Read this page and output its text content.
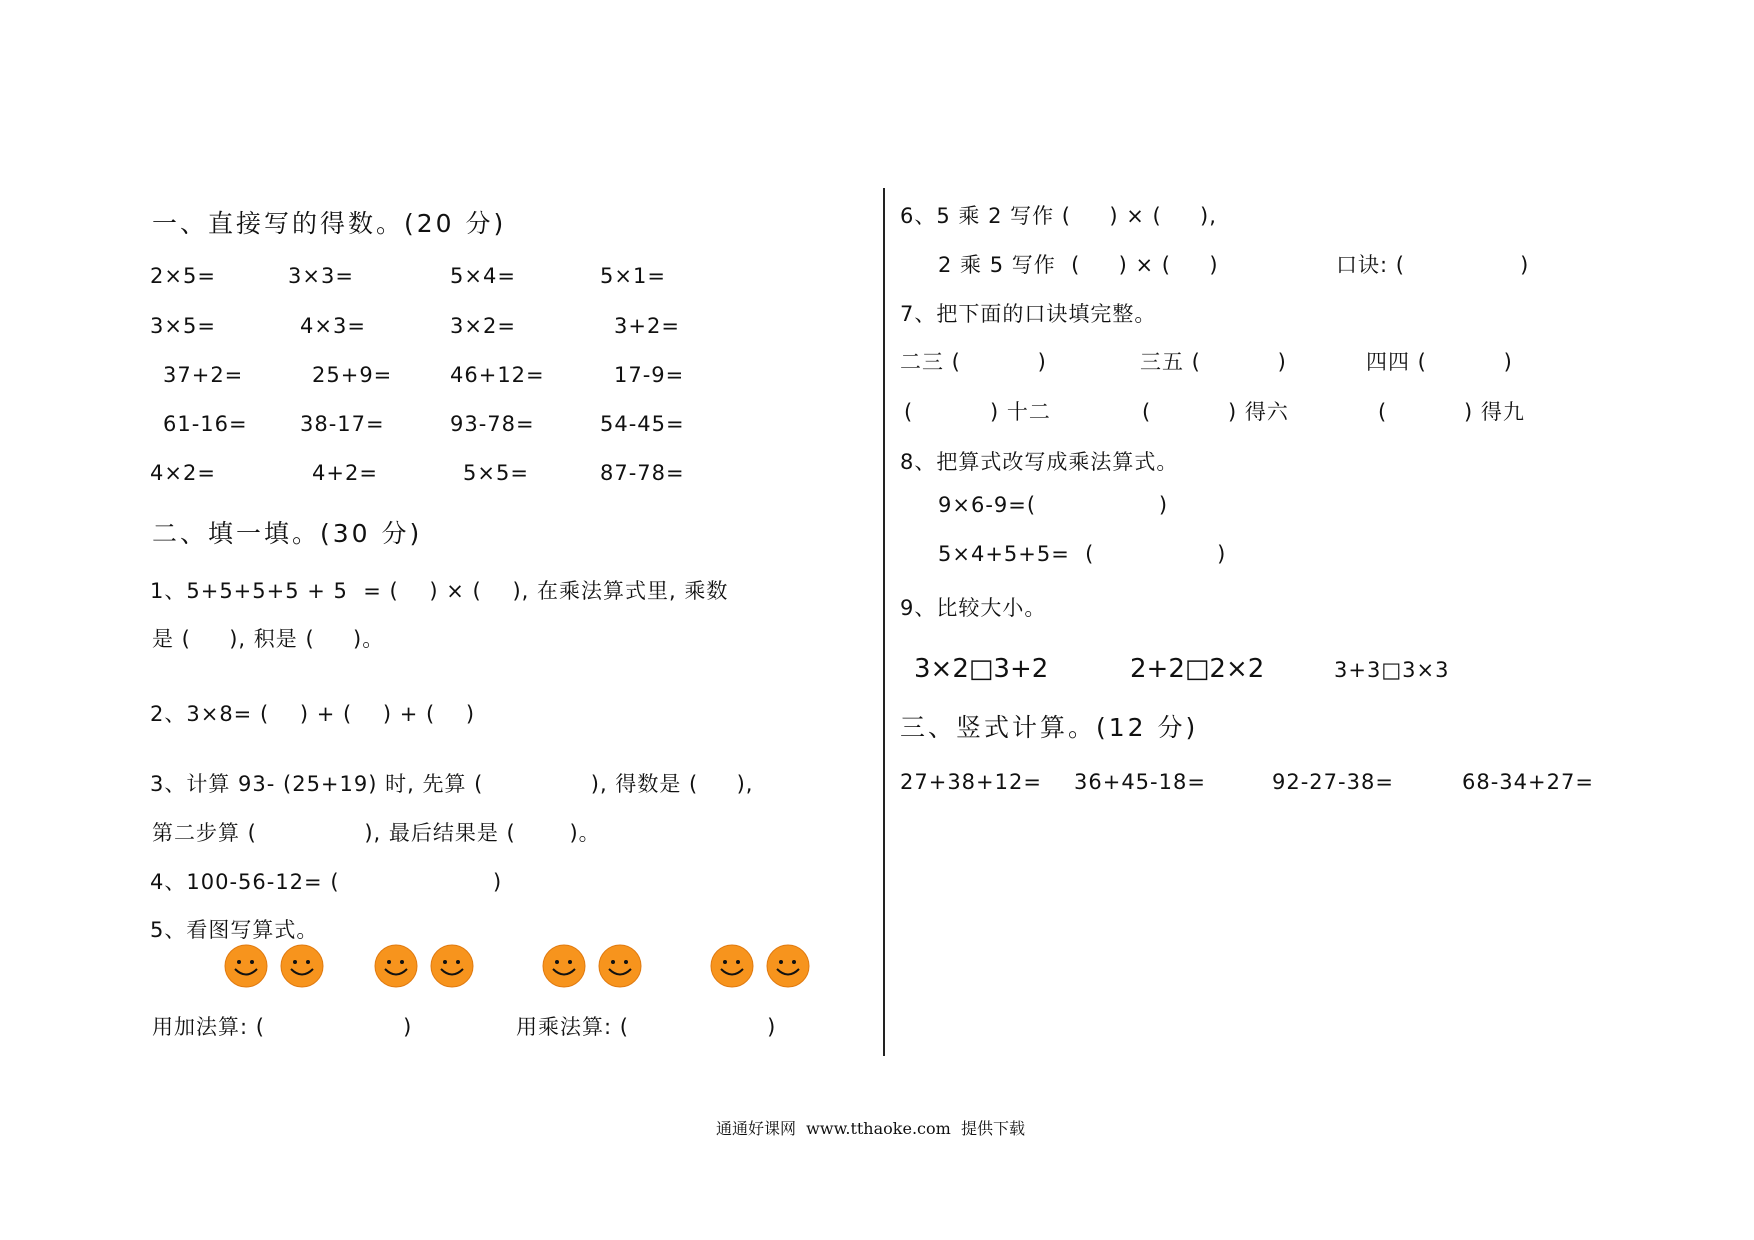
一、直接写的得数。(20 分)
2×5=	3×3=	5×4=	5×1=
3×5=	4×3=	3×2=	3+2=
37+2=	25+9=	46+12=	17-9=
61-16= 38-17=	93-78=	54-45=
4×2=	4+2=	5×5=	87-78=
二、填一填。(30 分)
1、5+5+5+5 + 5  = (    ) × (    ), 在乘法算式里, 乘数
是 (     ), 积是 (     )。
2、3×8= (    ) + (    ) + (    )
3、计算 93- (25+19) 时, 先算 (              ), 得数是 (     ),
第二步算 (              ), 最后结果是 (       )。
4、100-56-12= (                    )
5、看图写算式。
用加法算: (                  )	用乘法算: (                  )
6、5 乘 2 写作 (     ) × (     ),
2 乘 5 写作  (     ) × (     )	口诀: (               )
7、把下面的口诀填完整。
二三 (          )	三五 (          )	四四 (          )
(          ) 十二	(          ) 得六	(          ) 得九
8、把算式改写成乘法算式。
9×6-9=(                )
5×4+5+5=  (                )
9、比较大小。
3×2□3+2	2+2□2×2	3+3□3×3
三、竖式计算。(12 分)
27+38+12= 36+45-18=	92-27-38=	68-34+27=
通通好课网  www.tthaoke.com  提供下载
